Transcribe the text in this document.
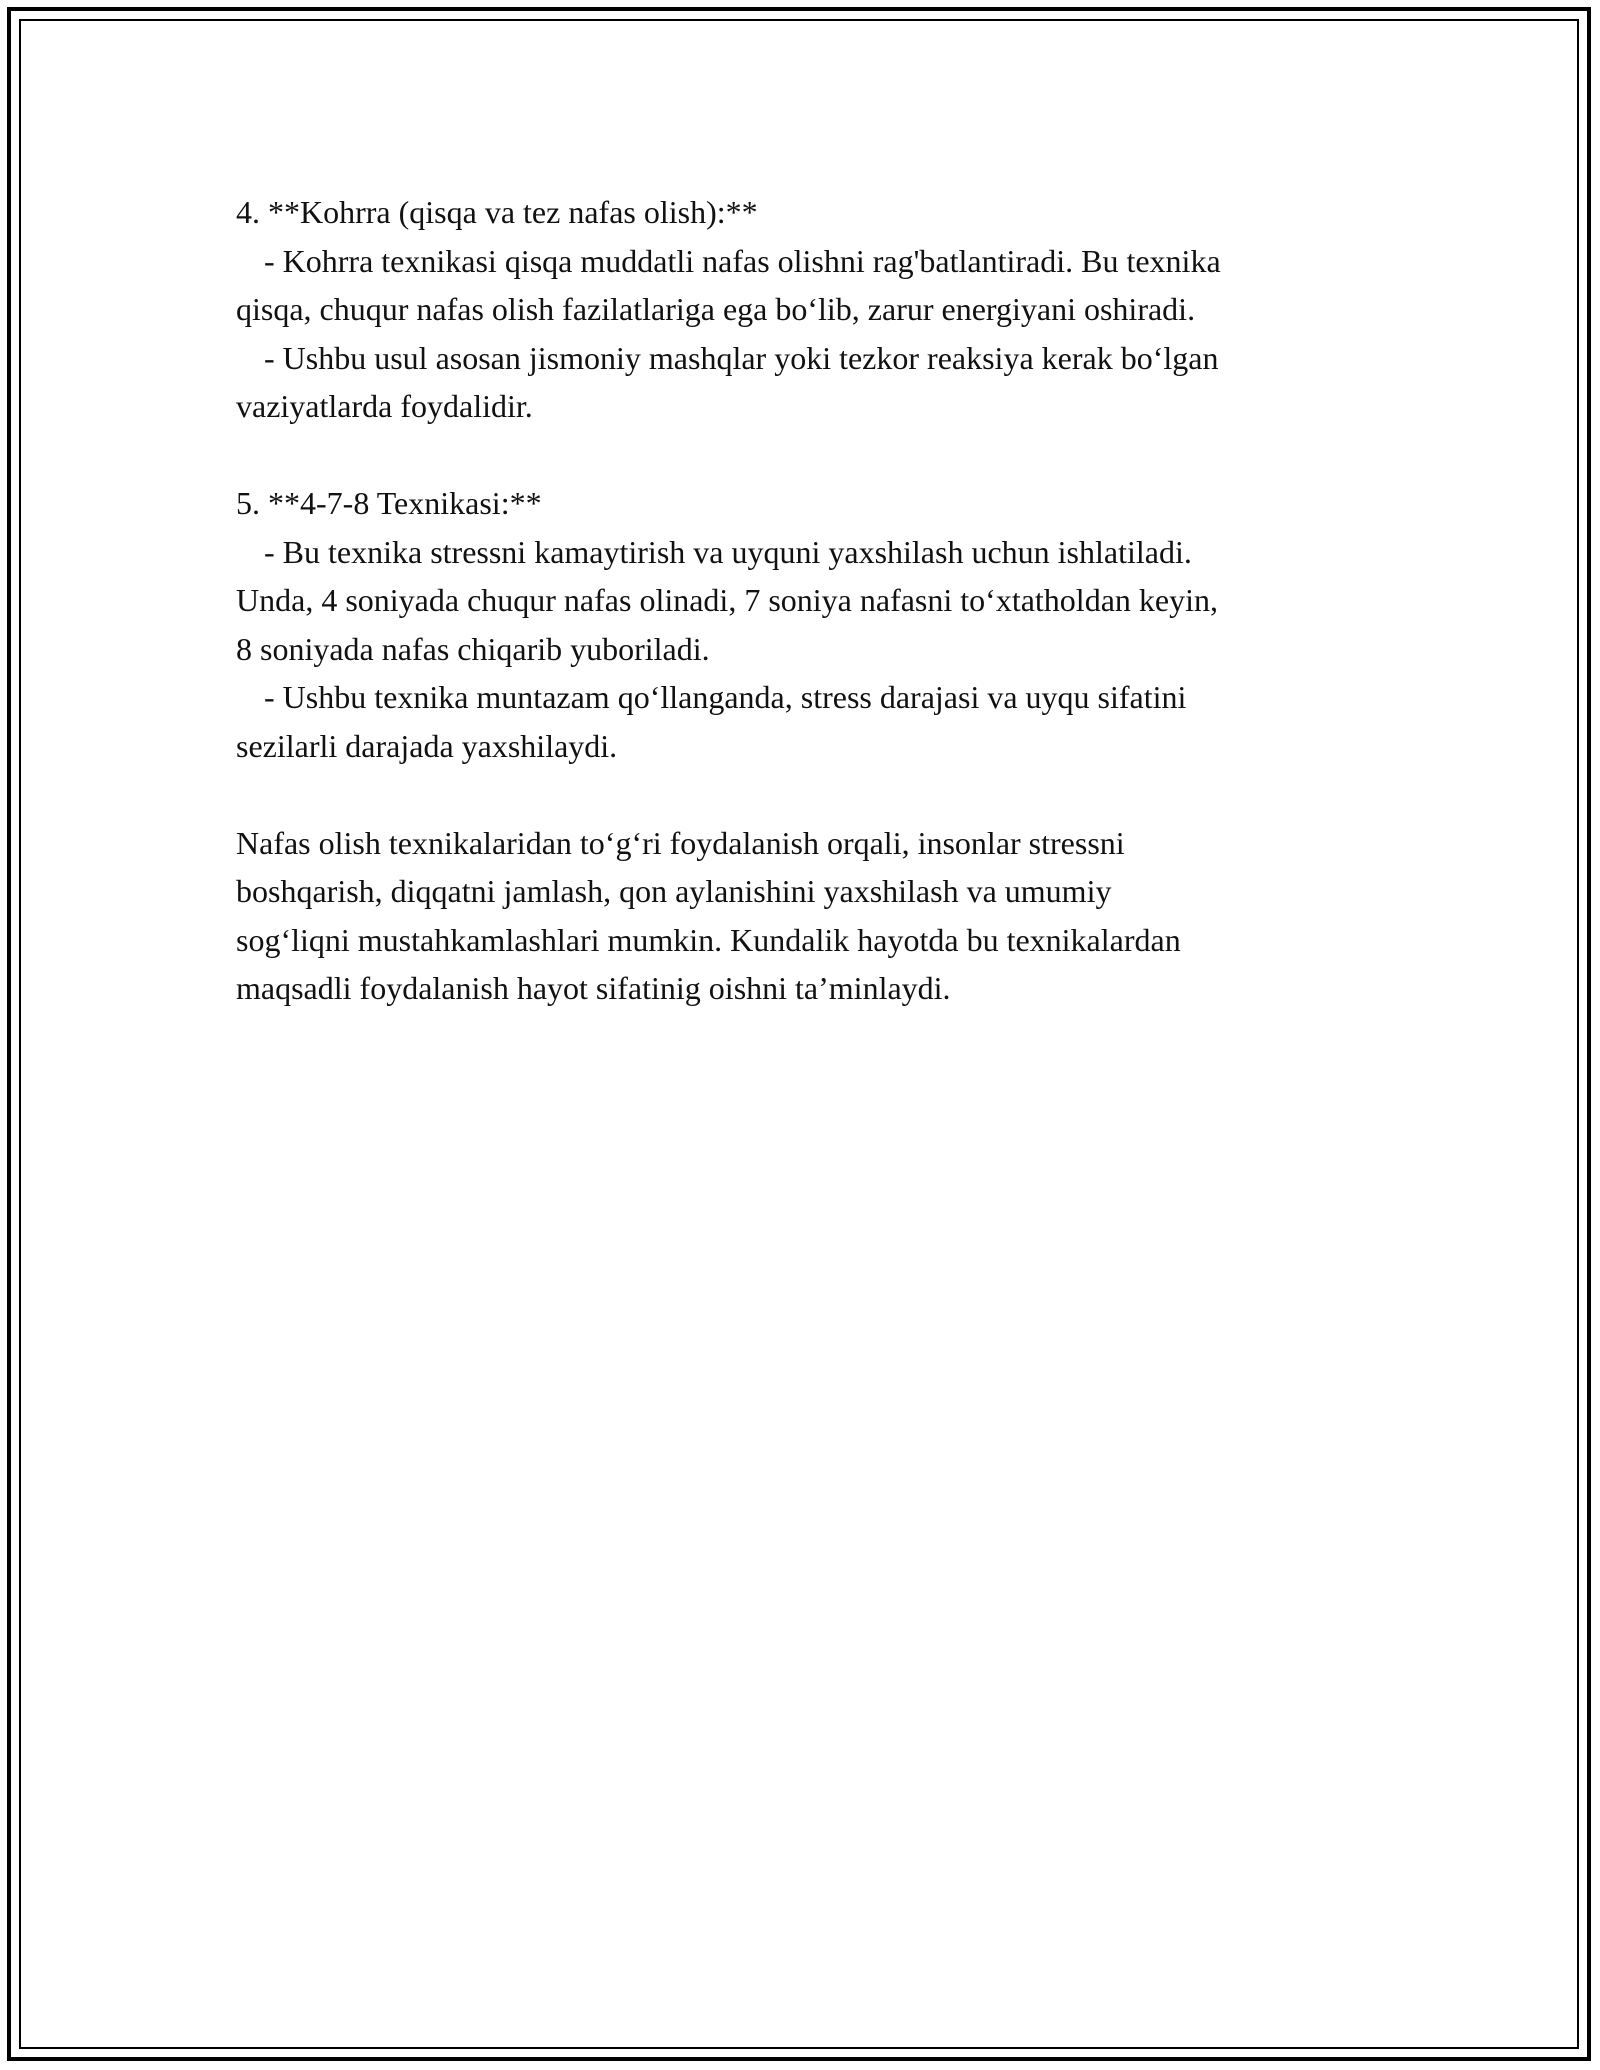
4. **Kohrra (qisqa va tez nafas olish):**
- Kohrra texnikasi qisqa muddatli nafas olishni rag'batlantiradi. Bu texnika
qisqa, chuqur nafas olish fazilatlariga ega bo‘lib, zarur energiyani oshiradi.
- Ushbu usul asosan jismoniy mashqlar yoki tezkor reaksiya kerak bo‘lgan
vaziyatlarda foydalidir.
5. **4-7-8 Texnikasi:**
- Bu texnika stressni kamaytirish va uyquni yaxshilash uchun ishlatiladi.
Unda, 4 soniyada chuqur nafas olinadi, 7 soniya nafasni to‘xtatholdan keyin,
8 soniyada nafas chiqarib yuboriladi.
- Ushbu texnika muntazam qo‘llanganda, stress darajasi va uyqu sifatini
sezilarli darajada yaxshilaydi.
Nafas olish texnikalaridan to‘g‘ri foydalanish orqali, insonlar stressni
boshqarish, diqqatni jamlash, qon aylanishini yaxshilash va umumiy
sog‘liqni mustahkamlashlari mumkin. Kundalik hayotda bu texnikalardan
maqsadli foydalanish hayot sifatinig oishni ta’minlaydi.
